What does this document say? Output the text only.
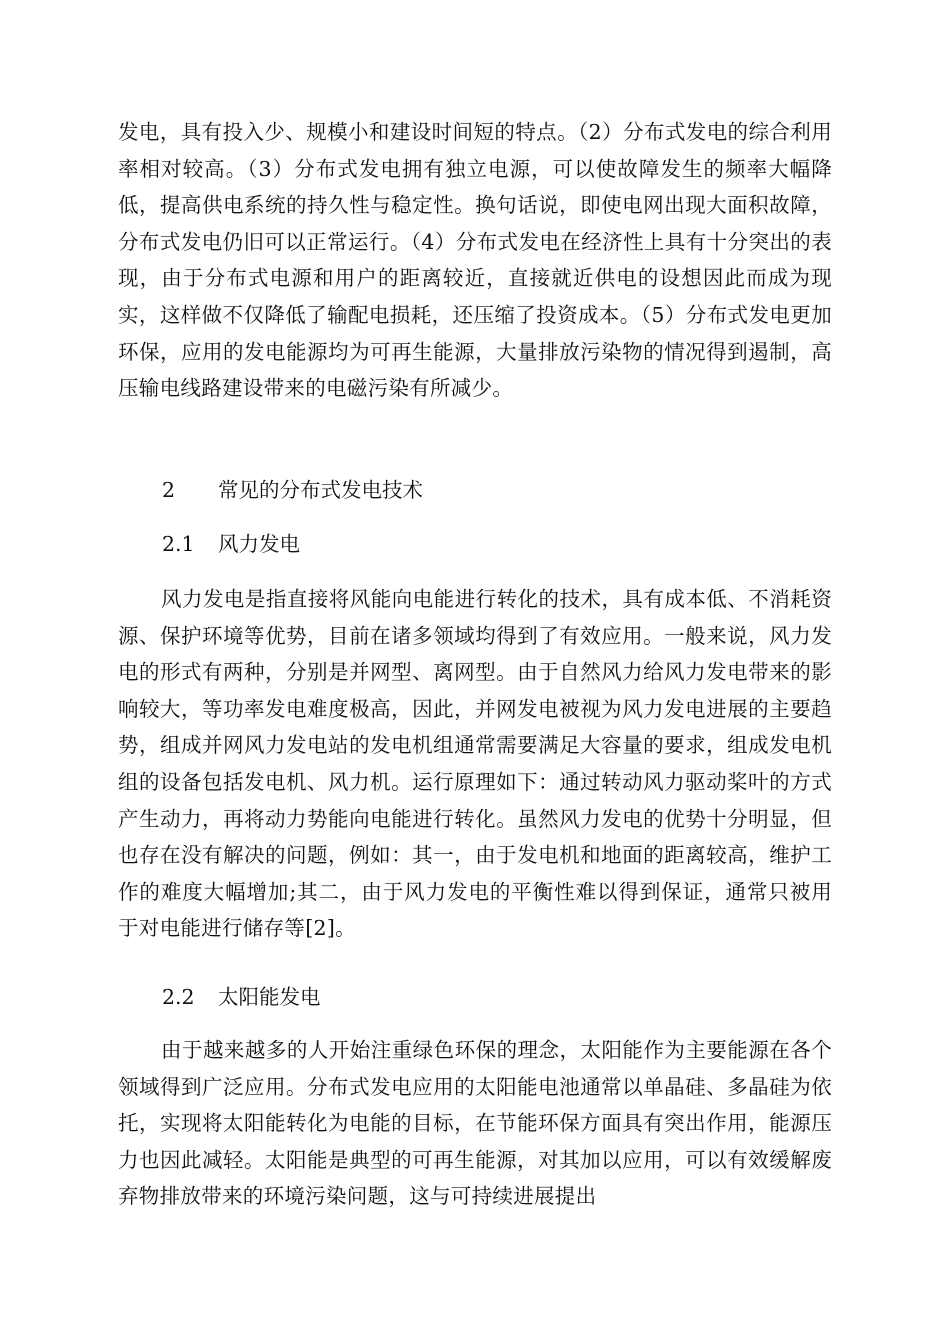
发电，具有投入少、规模小和建设时间短的特点。（2）分布式发电的综合利用率相对较高。（3）分布式发电拥有独立电源，可以使故障发生的频率大幅降低，提高供电系统的持久性与稳定性。换句话说，即使电网出现大面积故障，分布式发电仍旧可以正常运行。（4）分布式发电在经济性上具有十分突出的表现，由于分布式电源和用户的距离较近，直接就近供电的设想因此而成为现实，这样做不仅降低了输配电损耗，还压缩了投资成本。（5）分布式发电更加环保，应用的发电能源均为可再生能源，大量排放污染物的情况得到遏制，高压输电线路建设带来的电磁污染有所减少。

2 常见的分布式发电技术

2.1 风力发电

风力发电是指直接将风能向电能进行转化的技术，具有成本低、不消耗资源、保护环境等优势，目前在诸多领域均得到了有效应用。一般来说，风力发电的形式有两种，分别是并网型、离网型。由于自然风力给风力发电带来的影响较大，等功率发电难度极高，因此，并网发电被视为风力发电进展的主要趋势，组成并网风力发电站的发电机组通常需要满足大容量的要求，组成发电机组的设备包括发电机、风力机。运行原理如下：通过转动风力驱动桨叶的方式产生动力，再将动力势能向电能进行转化。虽然风力发电的优势十分明显，但也存在没有解决的问题，例如：其一，由于发电机和地面的距离较高，维护工作的难度大幅增加;其二，由于风力发电的平衡性难以得到保证，通常只被用于对电能进行储存等[2]。

2.2 太阳能发电

由于越来越多的人开始注重绿色环保的理念，太阳能作为主要能源在各个领域得到广泛应用。分布式发电应用的太阳能电池通常以单晶硅、多晶硅为依托，实现将太阳能转化为电能的目标，在节能环保方面具有突出作用，能源压力也因此减轻。太阳能是典型的可再生能源，对其加以应用，可以有效缓解废弃物排放带来的环境污染问题，这与可持续进展提出
